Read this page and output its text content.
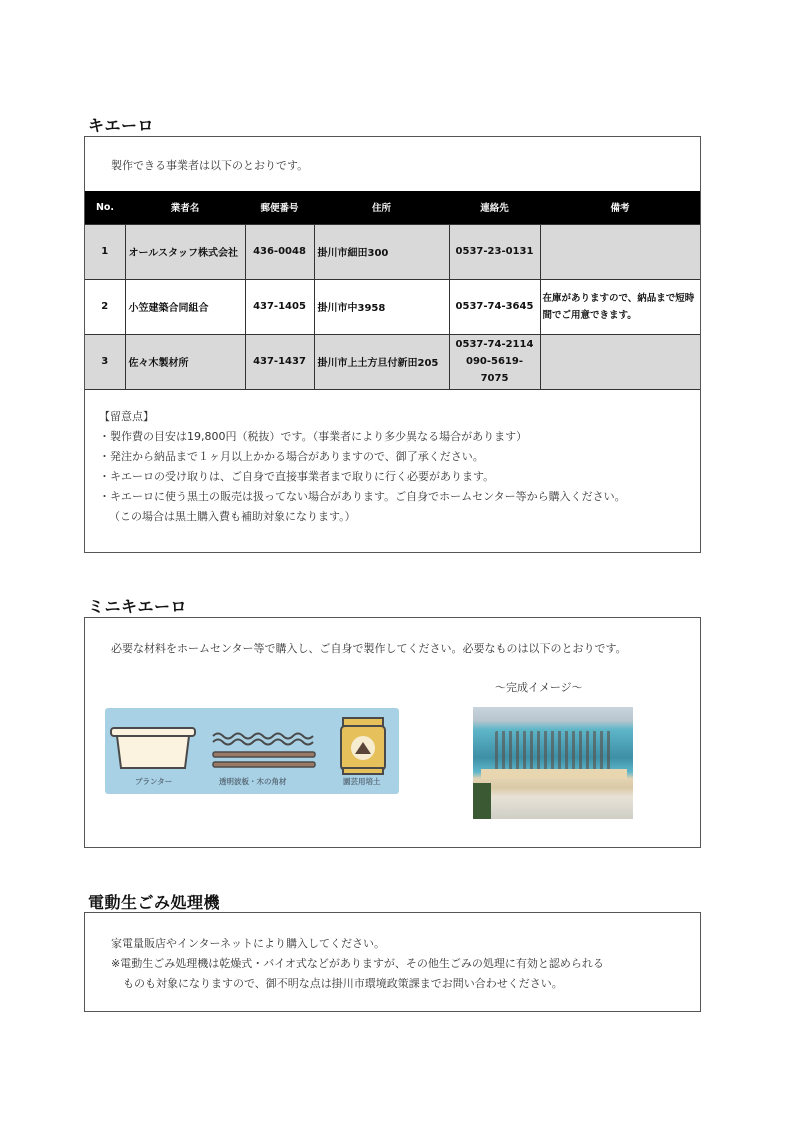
キエーロ
製作できる事業者は以下のとおりです。
No.	業者名	郵便番号	住所	連絡先	備考
1	オールスタッフ株式会社	436-0048	掛川市細田300	0537-23-0131	

2	小笠建築合同組合	437-1405	掛川市中3958	0537-74-3645	在庫がありますので、納品まで短時間でご用意できます。
3	佐々木製材所	437-1437	掛川市上土方旦付新田205	0537-74-2114
090-5619-7075	

【留意点】
・製作費の目安は19,800円（税抜）です。（事業者により多少異なる場合があります）
・発注から納品まで１ヶ月以上かかる場合がありますので、御了承ください。
・キエーロの受け取りは、ご自身で直接事業者まで取りに行く必要があります。
・キエーロに使う黒土の販売は扱ってない場合があります。ご自身でホームセンター等から購入ください。
（この場合は黒土購入費も補助対象になります。）
ミニキエーロ
必要な材料をホームセンター等で購入し、ご自身で製作してください。必要なものは以下のとおりです。
～完成イメージ～
プランター	透明波板・木の角材	園芸用培土
電動生ごみ処理機
家電量販店やインターネットにより購入してください。
※電動生ごみ処理機は乾燥式・バイオ式などがありますが、その他生ごみの処理に有効と認められる
ものも対象になりますので、御不明な点は掛川市環境政策課までお問い合わせください。
